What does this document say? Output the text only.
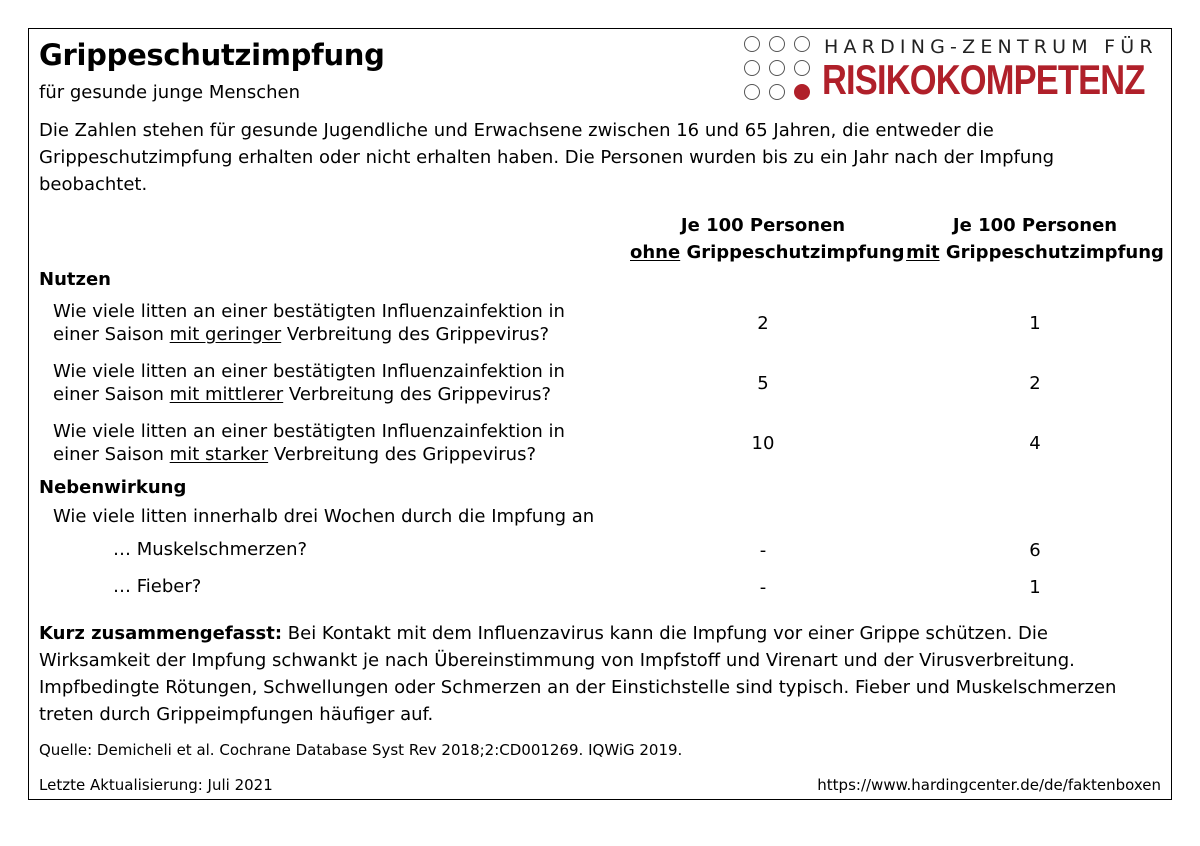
Grippeschutzimpfung
für gesunde junge Menschen
HARDING-ZENTRUM FÜR
RISIKOKOMPETENZ
Die Zahlen stehen für gesunde Jugendliche und Erwachsene zwischen 16 und 65 Jahren, die entweder die Grippeschutzimpfung erhalten oder nicht erhalten haben. Die Personen wurden bis zu ein Jahr nach der Impfung beobachtet.
Je 100 Personen
ohne Grippeschutzimpfung
Je 100 Personen
mit Grippeschutzimpfung
Nutzen
Wie viele litten an einer bestätigten Influenzainfektion in
einer Saison mit geringer Verbreitung des Grippevirus?
2	1
Wie viele litten an einer bestätigten Influenzainfektion in
einer Saison mit mittlerer Verbreitung des Grippevirus?
5	2
Wie viele litten an einer bestätigten Influenzainfektion in
einer Saison mit starker Verbreitung des Grippevirus?
10	4
Nebenwirkung
Wie viele litten innerhalb drei Wochen durch die Impfung an
… Muskelschmerzen?	-	6
… Fieber?	-	1
Kurz zusammengefasst: Bei Kontakt mit dem Influenzavirus kann die Impfung vor einer Grippe schützen. Die Wirksamkeit der Impfung schwankt je nach Übereinstimmung von Impfstoff und Virenart und der Virusverbreitung. Impfbedingte Rötungen, Schwellungen oder Schmerzen an der Einstichstelle sind typisch. Fieber und Muskelschmerzen treten durch Grippeimpfungen häufiger auf.
Quelle: Demicheli et al. Cochrane Database Syst Rev 2018;2:CD001269. IQWiG 2019.
Letzte Aktualisierung: Juli 2021	https://www.hardingcenter.de/de/faktenboxen
